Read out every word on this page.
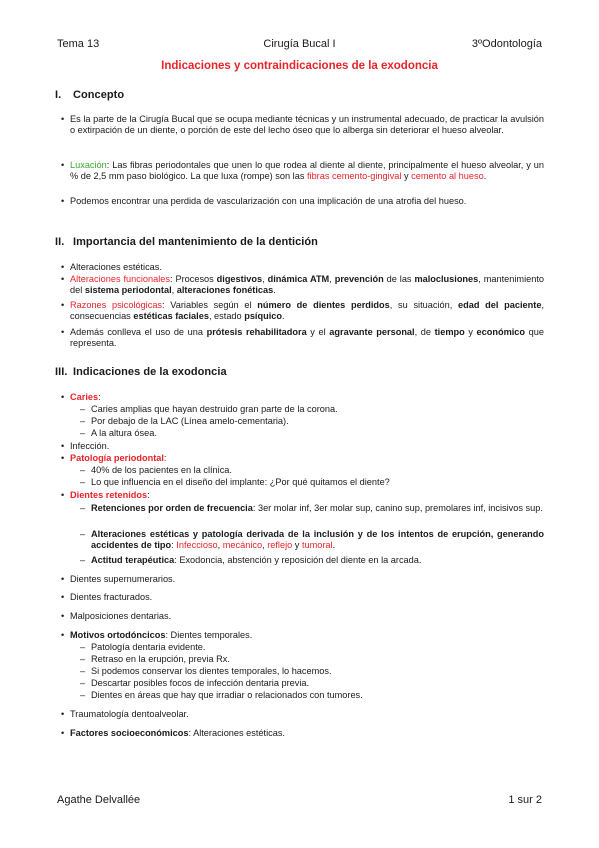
Tema 13	Cirugía Bucal I	3ºOdontología
Indicaciones y contraindicaciones de la exodoncia
I. Concepto
• Es la parte de la Cirugía Bucal que se ocupa mediante técnicas y un instrumental adecuado, de practicar la avulsión o extirpación de un diente, o porción de este del lecho óseo que lo alberga sin deteriorar el hueso alveolar.
• Luxación: Las fibras periodontales que unen lo que rodea al diente al diente, principalmente el hueso alveolar, y un % de 2,5 mm paso biológico. La que luxa (rompe) son las fibras cemento-gingival y cemento al hueso.
• Podemos encontrar una perdida de vascularización con una implicación de una atrofia del hueso.
II. Importancia del mantenimiento de la dentición
• Alteraciones estéticas.
• Alteraciones funcionales: Procesos digestivos, dinámica ATM, prevención de las maloclusiones, mantenimiento del sistema periodontal, alteraciones fonéticas.
• Razones psicológicas: Variables según el número de dientes perdidos, su situación, edad del paciente, consecuencias estéticas faciales, estado psíquico.
• Además conlleva el uso de una prótesis rehabilitadora y el agravante personal, de tiempo y económico que representa.
III. Indicaciones de la exodoncia
• Caries:
– Caries amplias que hayan destruido gran parte de la corona.
– Por debajo de la LAC (Línea amelo-cementaria).
– A la altura ósea.
• Infección.
• Patología periodontal:
– 40% de los pacientes en la clínica.
– Lo que influencia en el diseño del implante: ¿Por qué quitamos el diente?
• Dientes retenidos:
– Retenciones por orden de frecuencia: 3er molar inf, 3er molar sup, canino sup, premolares inf, incisivos sup.
– Alteraciones estéticas y patología derivada de la inclusión y de los intentos de erupción, generando accidentes de tipo: Infeccioso, mecánico, reflejo y tumoral.
– Actitud terapéutica: Exodoncia, abstención y reposición del diente en la arcada.
• Dientes supernumerarios.
• Dientes fracturados.
• Malposiciones dentarias.
• Motivos ortodóncicos: Dientes temporales.
– Patología dentaria evidente.
– Retraso en la erupción, previa Rx.
– Si podemos conservar los dientes temporales, lo hacemos.
– Descartar posibles focos de infección dentaria previa.
– Dientes en áreas que hay que irradiar o relacionados con tumores.
• Traumatología dentoalveolar.
• Factores socioeconómicos: Alteraciones estéticas.
Agathe Delvallée	1 sur 2
